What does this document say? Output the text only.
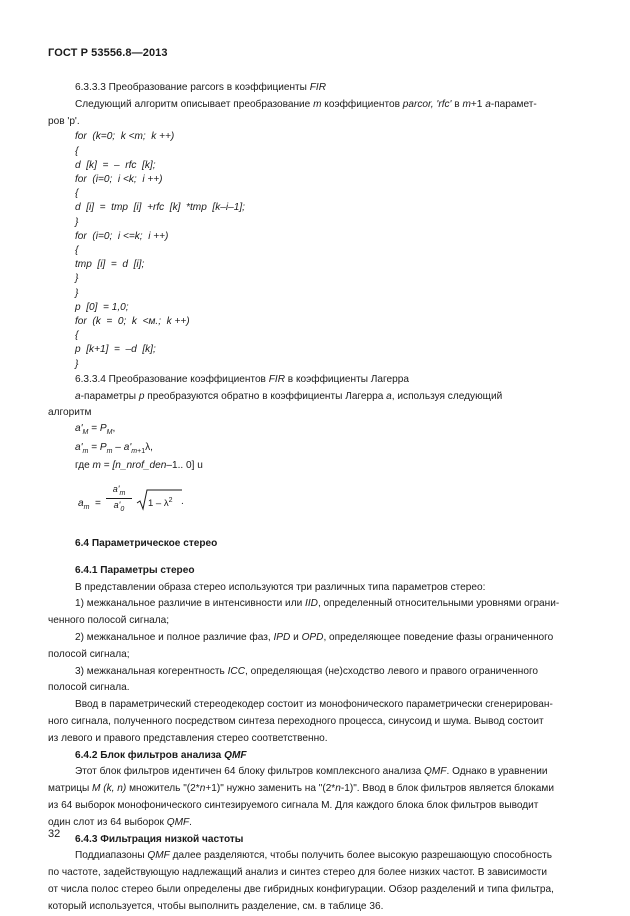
ГОСТ Р 53556.8—2013

6.3.3.3 Преобразование parcors в коэффициенты FIR

Следующий алгоритм описывает преобразование m коэффициентов parcor, 'rfc' в m+1 a-парамет-

ров 'p'.

for  (k=0;  k <m;  k ++)
{
d  [k]  =  –  rfc  [k];
for  (i=0;  i <k;  i ++)
{
d  [i]  =  tmp  [i]  +rfc  [k]  *tmp  [k–i–1];
}
for  (i=0;  i <=k;  i ++)
{
tmp  [i]  =  d  [i];
}
}
p  [0]  = 1,0;
for  (k  =  0;  k  <м.;  k ++)
{
p  [k+1]  =  –d  [k];
}

6.3.3.4 Преобразование коэффициентов FIR в коэффициенты Лагерра

a-параметры p преобразуются обратно в коэффициенты Лагерра a, используя следующий

алгоритм

$a'_M = P_M$,

$a'_m = P_m - a'_{m+1}\lambda$,

где m = [n_nrof_den–1.. 0] u

$a_m = \frac{a'_m}{a'_0} 1 - \lambda^2$ .

6.4 Параметрическое стерео

6.4.1 Параметры стерео

В представлении образа стерео используются три различных типа параметров стерео:

1) межканальное различие в интенсивности или IID, определенный относительными уровнями ограни-

ченного полосой сигнала;

2) межканальное и полное различие фаз, IPD и OPD, определяющее поведение фазы ограниченного

полосой сигнала;

3) межканальная когерентность ICC, определяющая (не)сходство левого и правого ограниченного

полосой сигнала.

Ввод в параметрический стереодекодер состоит из монофонического параметрически сгенерирован-

ного сигнала, полученного посредством синтеза переходного процесса, синусоид и шума. Вывод состоит

из левого и правого представления стерео соответственно.

6.4.2 Блок фильтров анализа QMF

Этот блок фильтров идентичен 64 блоку фильтров комплексного анализа QMF. Однако в уравнении

матрицы M (k, n) множитель "(2*n+1)" нужно заменить на "(2*n-1)". Ввод в блок фильтров является блоками

из 64 выборок монофонического синтезируемого сигнала М. Для каждого блока блок фильтров выводит

один слот из 64 выборок QMF.

6.4.3 Фильтрация низкой частоты

Поддиапазоны QMF далее разделяются, чтобы получить более высокую разрешающую способность

по частоте, задействующую надлежащий анализ и синтез стерео для более низких частот. В зависимости

от числа полос стерео были определены две гибридных конфигурации. Обзор разделений и типа фильтра,

который используется, чтобы выполнить разделение, см. в таблице 36.

32
